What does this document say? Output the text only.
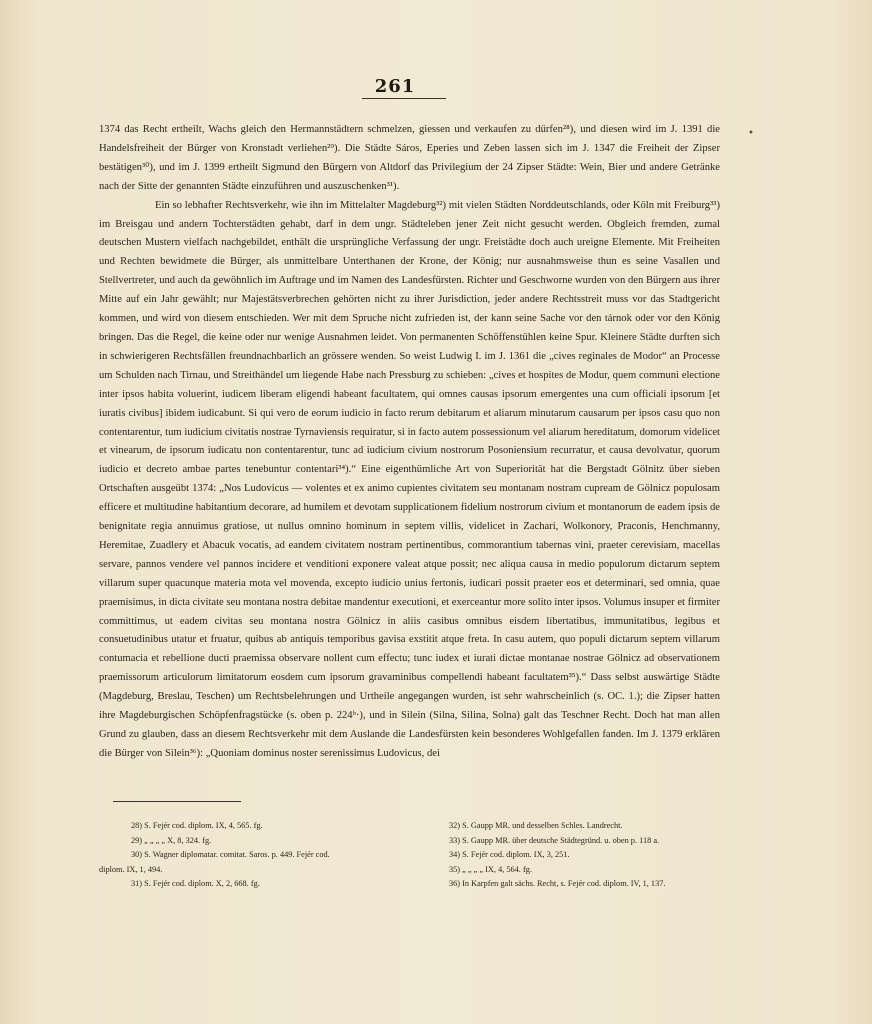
261
•

1374 das Recht ertheilt, Wachs gleich den Hermannstädtern schmelzen, giessen und verkaufen zu dürfen²⁸), und diesen wird im J. 1391 die Handelsfreiheit der Bürger von Kronstadt verliehen²⁹). Die Städte Sáros, Eperies und Zeben lassen sich im J. 1347 die Freiheit der Zipser bestätigen³⁰), und im J. 1399 ertheilt Sigmund den Bürgern von Altdorf das Privilegium der 24 Zipser Städte: Wein, Bier und andere Getränke nach der Sitte der genannten Städte einzuführen und auszuschenken³¹).

Ein so lebhafter Rechtsverkehr, wie ihn im Mittelalter Magdeburg³²) mit vielen Städten Norddeutschlands, oder Köln mit Freiburg³³) im Breisgau und andern Tochterstädten gehabt, darf in dem ungr. Städteleben jener Zeit nicht gesucht werden. Obgleich fremden, zumal deutschen Mustern vielfach nachgebildet, enthält die ursprüngliche Verfassung der ungr. Freistädte doch auch ureigne Elemente. Mit Freiheiten und Rechten bewidmete die Bürger, als unmittelbare Unterthanen der Krone, der König; nur ausnahmsweise thun es seine Vasallen und Stellvertreter, und auch da gewöhnlich im Auftrage und im Namen des Landesfürsten. Richter und Geschworne wurden von den Bürgern aus ihrer Mitte auf ein Jahr gewählt; nur Majestätsverbrechen gehörten nicht zu ihrer Jurisdiction, jeder andere Rechtsstreit muss vor das Stadtgericht kommen, und wird von diesem entschieden. Wer mit dem Spruche nicht zufrieden ist, der kann seine Sache vor den tárnok oder vor den König bringen. Das die Regel, die keine oder nur wenige Ausnahmen leidet. Von permanenten Schöffenstühlen keine Spur. Kleinere Städte durften sich in schwierigeren Rechtsfällen freundnachbarlich an grössere wenden. So weist Ludwig I. im J. 1361 die „cives reginales de Modor“ an Processe um Schulden nach Tirnau, und Streithändel um liegende Habe nach Pressburg zu schieben: „cives et hospites de Modur, quem communi electione inter ipsos habita voluerint, iudicem liberam eligendi habeant facultatem, qui omnes causas ipsorum emergentes una cum officiali ipsorum [et iuratis civibus] ibidem iudicabunt. Si qui vero de eorum iudicio in facto rerum debitarum et aliarum minutarum causarum per ipsos casu quo non contentarentur, tum iudicium civitatis nostrae Tyrnaviensis requiratur, si in facto autem possessionum vel aliarum hereditatum, domorum videlicet et vinearum, de ipsorum iudicatu non contentarentur, tunc ad iudicium civium nostrorum Posoniensium recurratur, et causa devolvatur, quorum iudicio et decreto ambae partes tenebuntur contentari³⁴).“ Eine eigenthümliche Art von Superiorität hat die Bergstadt Gölnitz über sieben Ortschaften ausgeübt 1374: „Nos Ludovicus — volentes et ex animo cupientes civitatem seu montanam nostram cupream de Gölnicz populosam efficere et multitudine habitantium decorare, ad humilem et devotam supplicationem fidelium nostrorum civium et montanorum de eadem ipsis de benignitate regia annuimus gratiose, ut nullus omnino hominum in septem villis, videlicet in Zachari, Wolkonory, Praconis, Henchmanny, Heremitae, Zuadlery et Abacuk vocatis, ad eandem civitatem nostram pertinentibus, commorantium tabernas vini, praeter cerevisiam, macellas servare, pannos vendere vel pannos incidere et venditioni exponere valeat atque possit; nec aliqua causa in medio populorum dictarum septem villarum super quacunque materia mota vel movenda, excepto iudicio unius fertonis, iudicari possit praeter eos et determinari, sed omnia, quae praemisimus, in dicta civitate seu montana nostra debitae mandentur executioni, et exerceantur more solito inter ipsos. Volumus insuper et firmiter committimus, ut eadem civitas seu montana nostra Gölnicz in aliis casibus omnibus eisdem libertatibus, immunitatibus, legibus et consuetudinibus utatur et fruatur, quibus ab antiquis temporibus gavisa exstitit atque freta. In casu autem, quo populi dictarum septem villarum contumacia et rebellione ducti praemissa observare nollent cum effectu; tunc iudex et iurati dictae montanae nostrae Gölnicz ad observationem praemissorum articulorum limitatorum eosdem cum ipsorum gravaminibus compellendi habeant facultatem³⁵).“ Dass selbst auswärtige Städte (Magdeburg, Breslau, Teschen) um Rechtsbelehrungen und Urtheile angegangen wurden, ist sehr wahrscheinlich (s. OC. 1.); die Zipser hatten ihre Magdeburgischen Schöpfenfragstücke (s. oben p. 224ᵇ·), und in Silein (Silna, Silina, Solna) galt das Teschner Recht. Doch hat man allen Grund zu glauben, dass an diesem Rechtsverkehr mit dem Auslande die Landesfürsten kein besonderes Wohlgefallen fanden. Im J. 1379 erklären die Bürger von Silein³⁶): „Quoniam dominus noster serenissimus Ludovicus, dei

28) S. Fejér cod. diplom. IX, 4, 565. fg.
29) „ „ „ „ X, 8, 324. fg.
30) S. Wagner diplomatar. comitat. Saros. p. 449. Fejér cod.
diplom. IX, 1, 494.
31) S. Fejér cod. diplom. X, 2, 668. fg.
32) S. Gaupp MR. und desselben Schles. Landrecht.
33) S. Gaupp MR. über deutsche Städtegründ. u. oben p. 118 a.
34) S. Fejér cod. diplom. IX, 3, 251.
35) „ „ „ „ IX, 4, 564. fg.
36) In Karpfen galt sächs. Recht, s. Fejér cod. diplom. IV, 1, 137.
